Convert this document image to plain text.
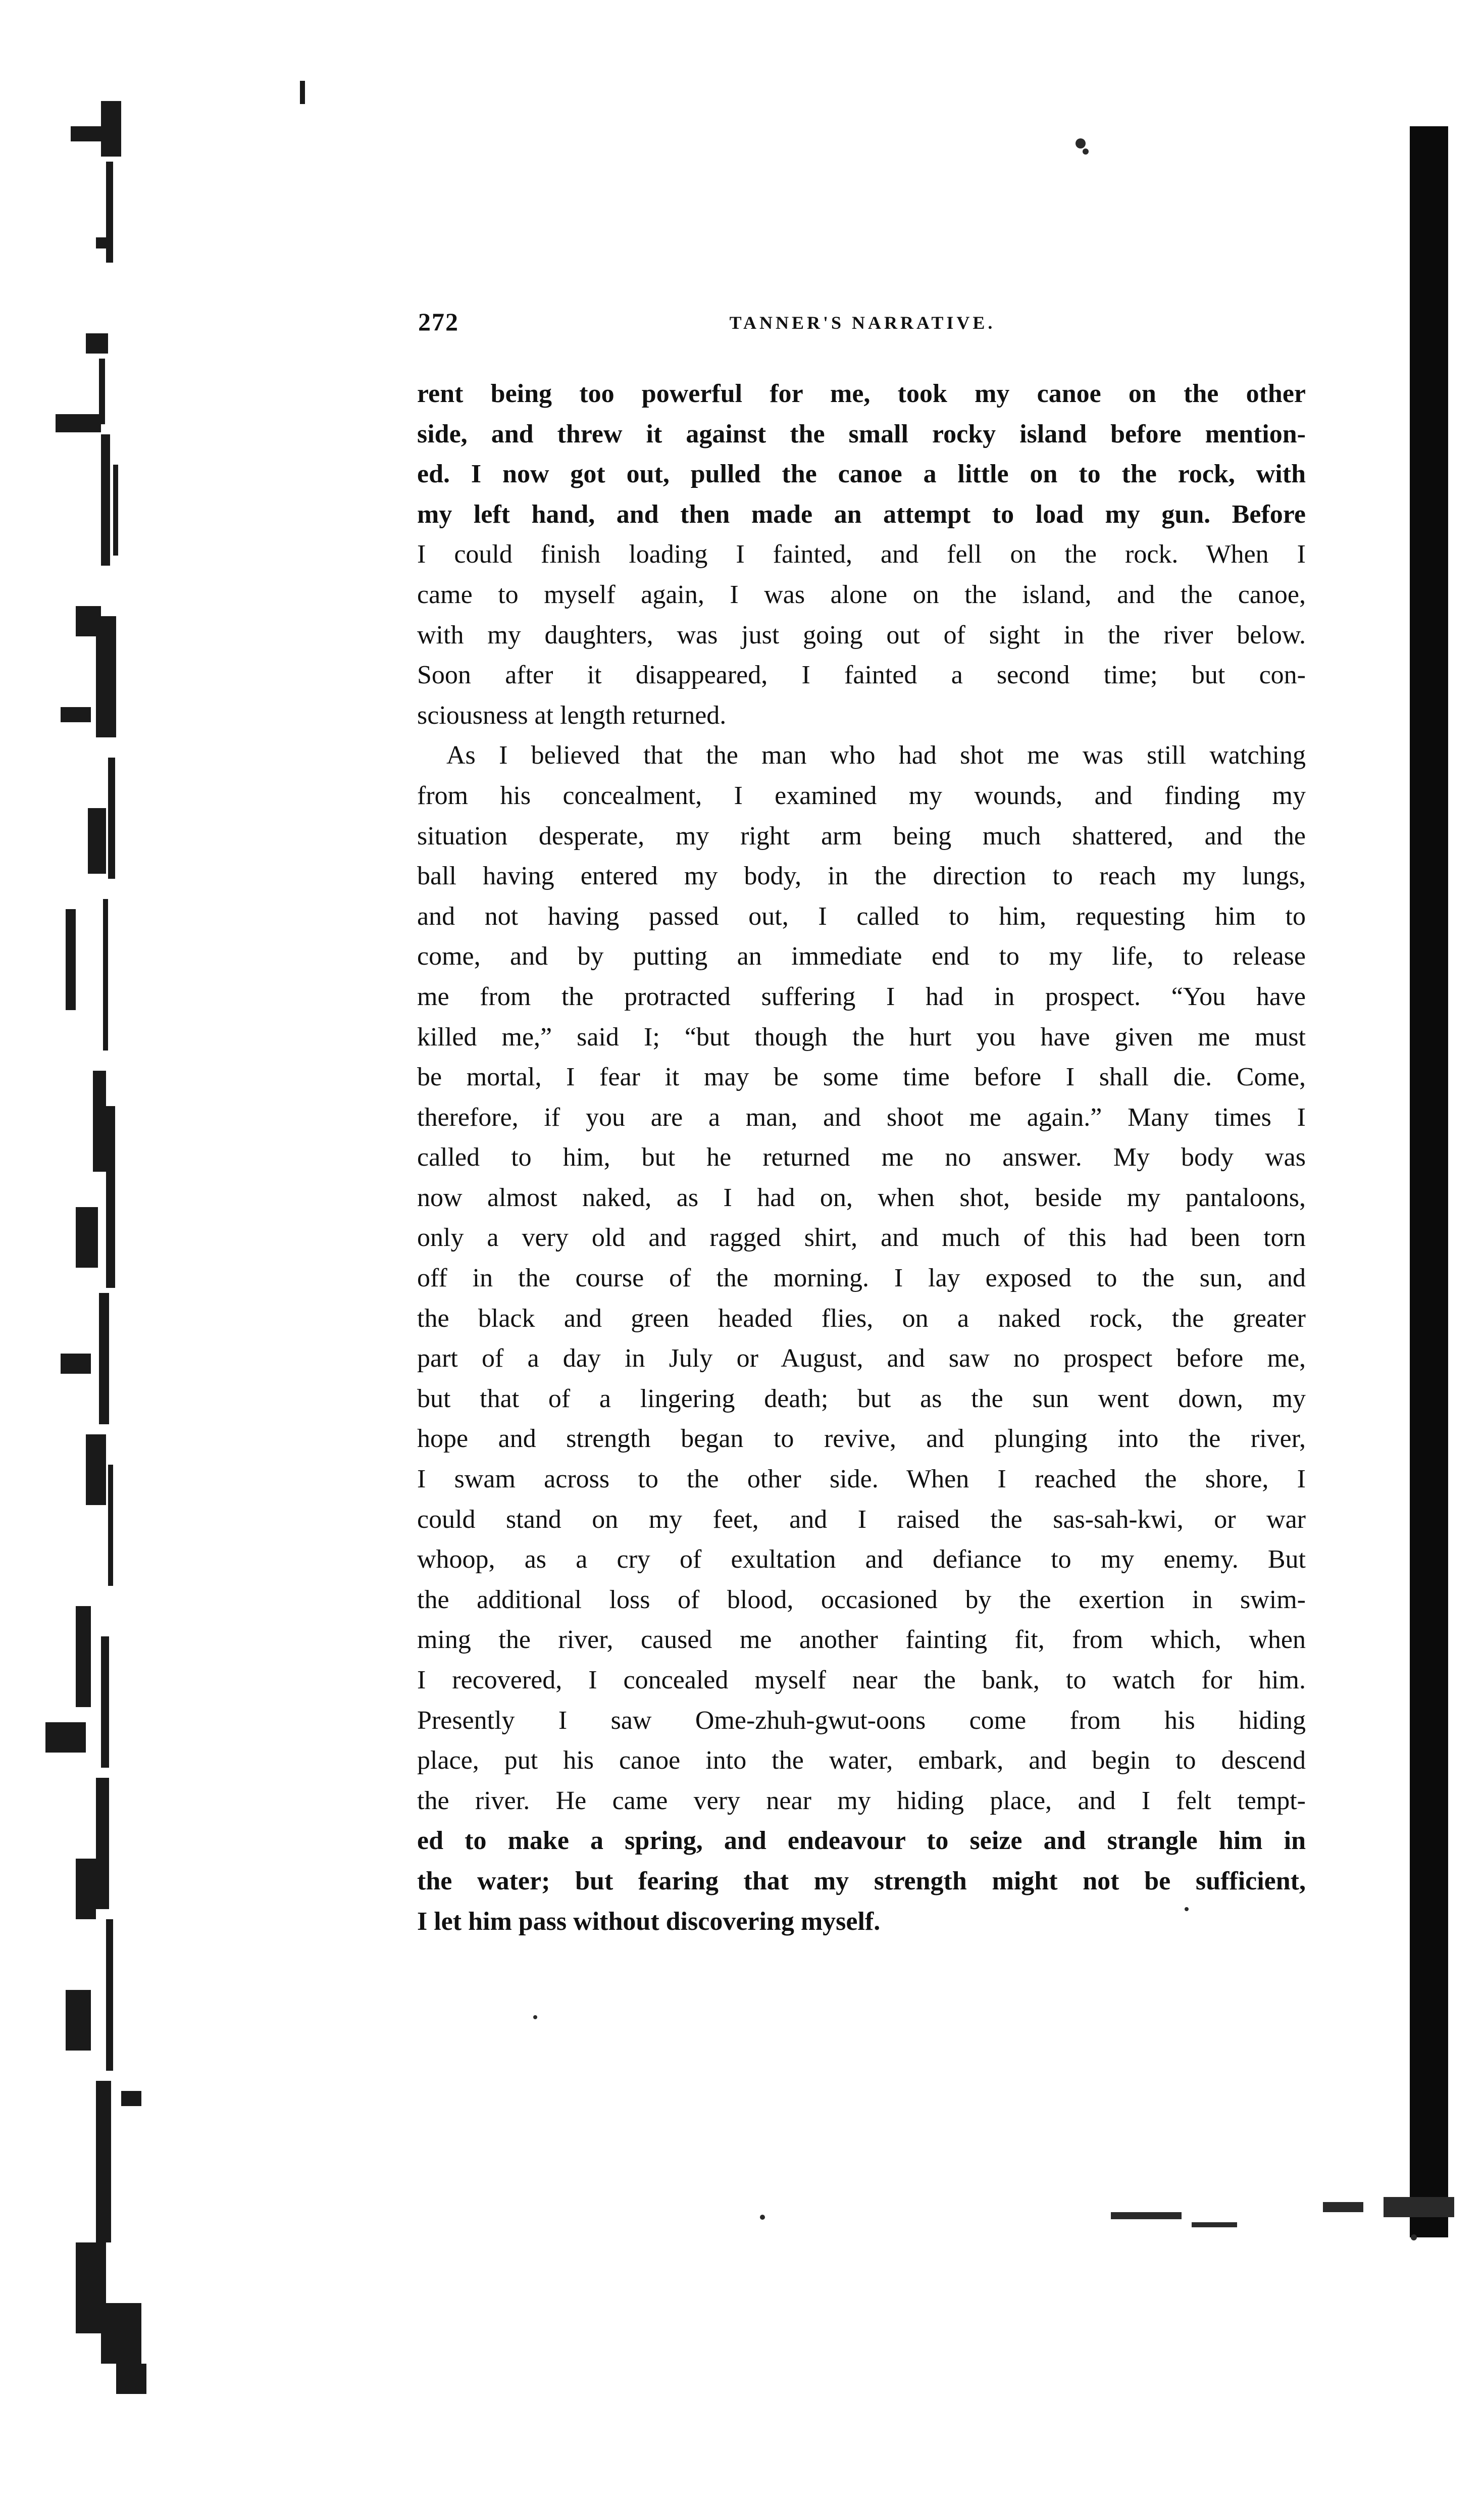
272	TANNER'S NARRATIVE.
rent being too powerful for me, took my canoe on the other
side, and threw it against the small rocky island before mention-
ed. I now got out, pulled the canoe a little on to the rock, with
my left hand, and then made an attempt to load my gun. Before
I could finish loading I fainted, and fell on the rock. When I
came to myself again, I was alone on the island, and the canoe,
with my daughters, was just going out of sight in the river below.
Soon after it disappeared, I fainted a second time; but con-
sciousness at length returned.
As I believed that the man who had shot me was still watching
from his concealment, I examined my wounds, and finding my
situation desperate, my right arm being much shattered, and the
ball having entered my body, in the direction to reach my lungs,
and not having passed out, I called to him, requesting him to
come, and by putting an immediate end to my life, to release
me from the protracted suffering I had in prospect. “You have
killed me,” said I; “but though the hurt you have given me must
be mortal, I fear it may be some time before I shall die. Come,
therefore, if you are a man, and shoot me again.” Many times I
called to him, but he returned me no answer. My body was
now almost naked, as I had on, when shot, beside my pantaloons,
only a very old and ragged shirt, and much of this had been torn
off in the course of the morning. I lay exposed to the sun, and
the black and green headed flies, on a naked rock, the greater
part of a day in July or August, and saw no prospect before me,
but that of a lingering death; but as the sun went down, my
hope and strength began to revive, and plunging into the river,
I swam across to the other side. When I reached the shore, I
could stand on my feet, and I raised the sas-sah-kwi, or war
whoop, as a cry of exultation and defiance to my enemy. But
the additional loss of blood, occasioned by the exertion in swim-
ming the river, caused me another fainting fit, from which, when
I recovered, I concealed myself near the bank, to watch for him.
Presently I saw Ome-zhuh-gwut-oons come from his hiding
place, put his canoe into the water, embark, and begin to descend
the river. He came very near my hiding place, and I felt tempt-
ed to make a spring, and endeavour to seize and strangle him in
the water; but fearing that my strength might not be sufficient,
I let him pass without discovering myself.
